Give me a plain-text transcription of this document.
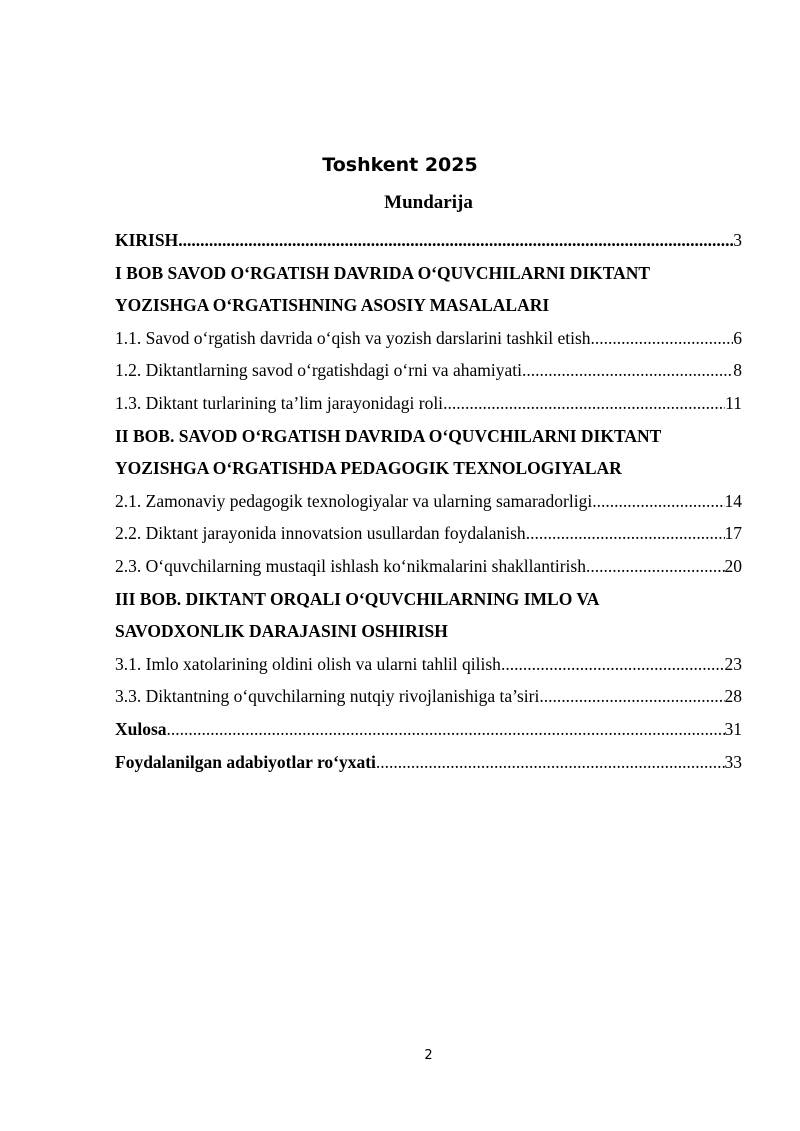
Toshkent 2025
Mundarija
KIRISH .....	3
I BOB SAVOD O‘RGATISH DAVRIDA O‘QUVCHILARNI DIKTANT
YOZISHGA O‘RGATISHNING ASOSIY MASALALARI
1.1. Savod o‘rgatish davrida o‘qish va yozish darslarini tashkil etish .....	6
1.2. Diktantlarning savod o‘rgatishdagi o‘rni va ahamiyati .....	8
1.3. Diktant turlarining ta’lim jarayonidagi roli .....	11
II BOB. SAVOD O‘RGATISH DAVRIDA O‘QUVCHILARNI DIKTANT
YOZISHGA O‘RGATISHDA PEDAGOGIK TEXNOLOGIYALAR
2.1. Zamonaviy pedagogik texnologiyalar va ularning samaradorligi .....	14
2.2. Diktant jarayonida innovatsion usullardan foydalanish .....	17
2.3. O‘quvchilarning mustaqil ishlash ko‘nikmalarini shakllantirish .....	20
III BOB. DIKTANT ORQALI O‘QUVCHILARNING IMLO VA
SAVODXONLIK DARAJASINI OSHIRISH
3.1. Imlo xatolarining oldini olish va ularni tahlil qilish .....	23
3.3. Diktantning o‘quvchilarning nutqiy rivojlanishiga ta’siri .....	28
Xulosa .....	31
Foydalanilgan adabiyotlar ro‘yxati .....	33
2
